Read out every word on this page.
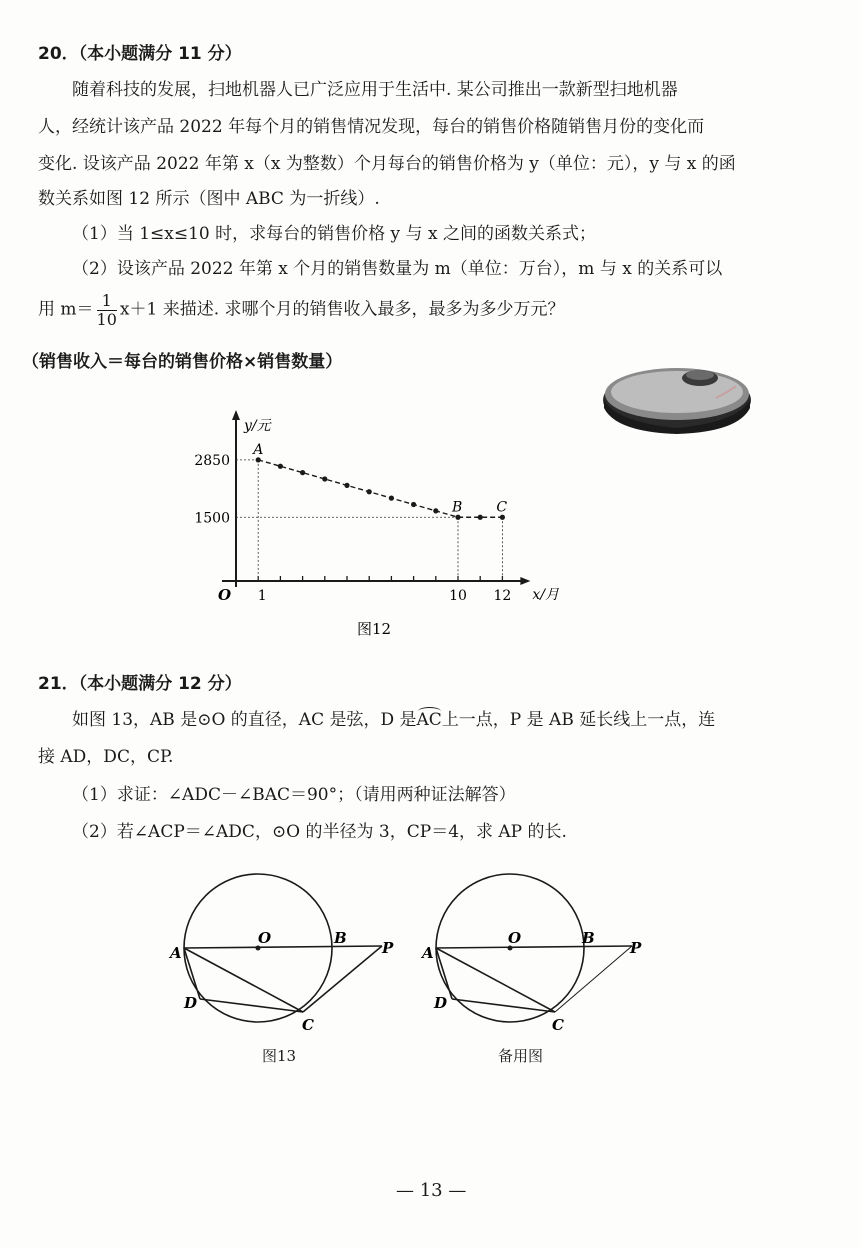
20．（本小题满分 11 分）
随着科技的发展，扫地机器人已广泛应用于生活中. 某公司推出一款新型扫地机器
人，经统计该产品 2022 年每个月的销售情况发现，每台的销售价格随销售月份的变化而
变化. 设该产品 2022 年第 x（x 为整数）个月每台的销售价格为 y（单位：元），y 与 x 的函
数关系如图 12 所示（图中 ABC 为一折线）.
（1）当 1≤x≤10 时，求每台的销售价格 y 与 x 之间的函数关系式；
（2）设该产品 2022 年第 x 个月的销售数量为 m（单位：万台），m 与 x 的关系可以
用 $m= \frac{1}{10} x+1$ 来描述. 求哪个月的销售收入最多，最多为多少万元？
（销售收入＝每台的销售价格×销售数量）
y/元
x/月
O
2850
1500
1	10 12
A
B C
图12
21．（本小题满分 12 分）
如图 13，AB 是⊙O 的直径，AC 是弦，D 是AC上一点，P 是 AB 延长线上一点，连
接 AD，DC，CP.
（1）求证：∠ADC－∠BAC＝90°；（请用两种证法解答）
（2）若∠ACP＝∠ADC，⊙O 的半径为 3，CP＝4，求 AP 的长.
A
O	B
P
D
C
图13
A
O	B
P
D
C
备用图
— 13 —
